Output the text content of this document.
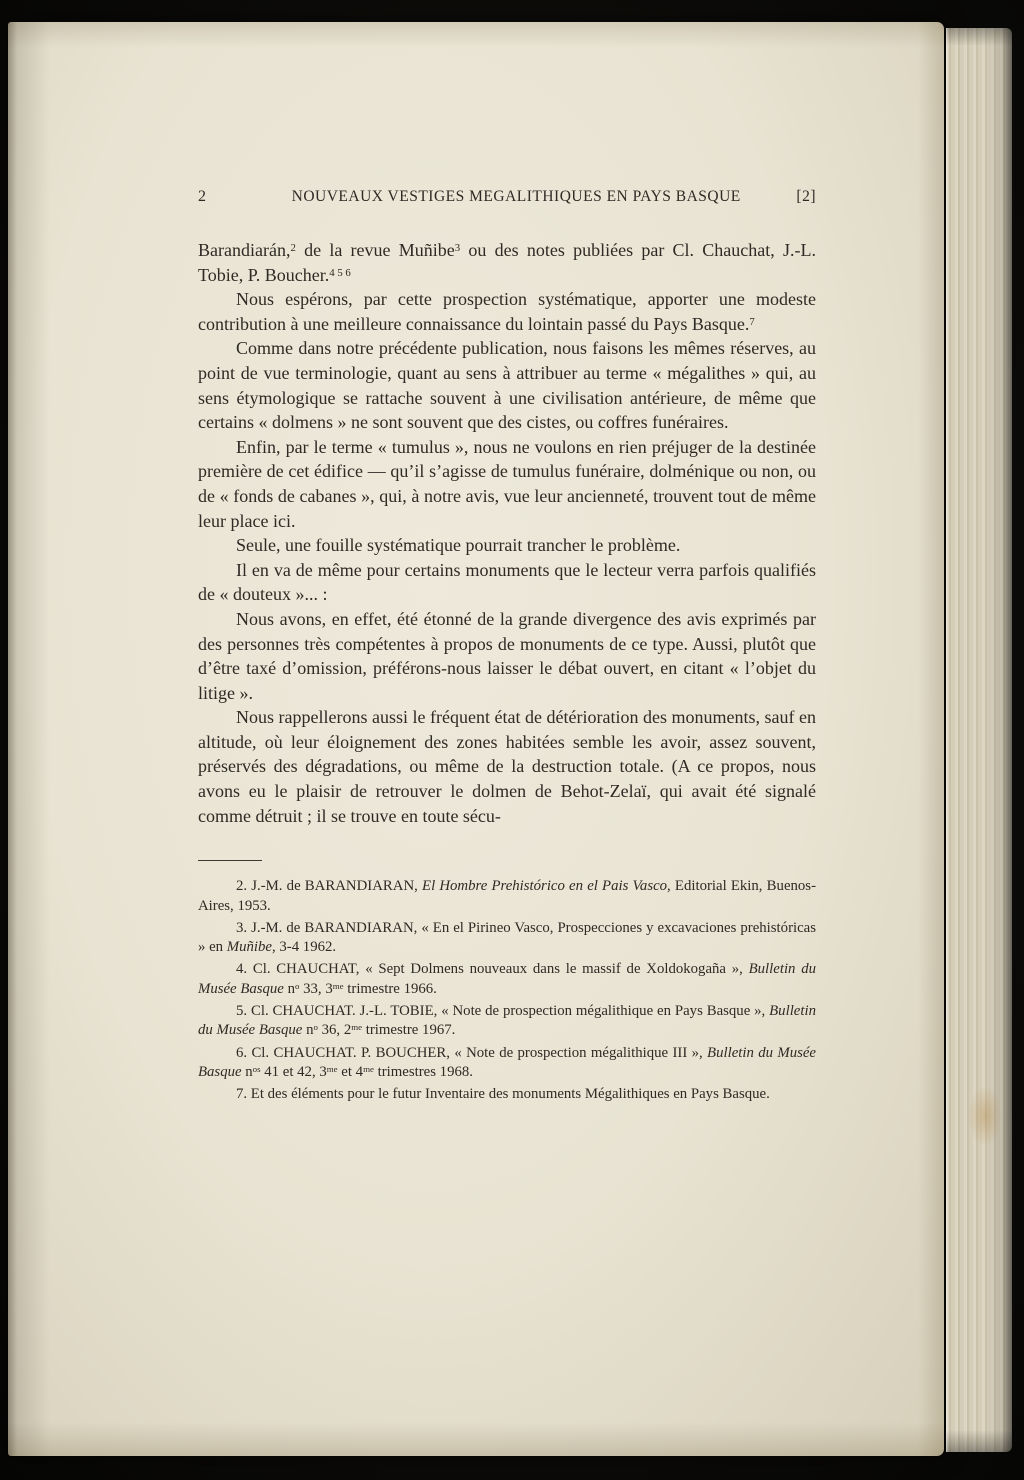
2	NOUVEAUX VESTIGES MEGALITHIQUES EN PAYS BASQUE	[2]

Barandiarán,$^2$ de la revue Muñibe$^3$ ou des notes publiées par Cl. Chauchat, J.-L. Tobie, P. Boucher.$^{4 5 6}$

Nous espérons, par cette prospection systématique, apporter une modeste contribution à une meilleure connaissance du lointain passé du Pays Basque.$^7$

Comme dans notre précédente publication, nous faisons les mêmes réserves, au point de vue terminologie, quant au sens à attribuer au terme « mégalithes » qui, au sens étymologique se rattache souvent à une civilisation antérieure, de même que certains « dolmens » ne sont souvent que des cistes, ou coffres funéraires.

Enfin, par le terme « tumulus », nous ne voulons en rien préjuger de la destinée première de cet édifice — qu’il s’agisse de tumulus funéraire, dolménique ou non, ou de « fonds de cabanes », qui, à notre avis, vue leur ancienneté, trouvent tout de même leur place ici.

Seule, une fouille systématique pourrait trancher le problème.

Il en va de même pour certains monuments que le lecteur verra parfois qualifiés de « douteux »... :

Nous avons, en effet, été étonné de la grande divergence des avis exprimés par des personnes très compétentes à propos de monuments de ce type. Aussi, plutôt que d’être taxé d’omission, préférons-nous laisser le débat ouvert, en citant « l’objet du litige ».

Nous rappellerons aussi le fréquent état de détérioration des monuments, sauf en altitude, où leur éloignement des zones habitées semble les avoir, assez souvent, préservés des dégradations, ou même de la destruction totale. (A ce propos, nous avons eu le plaisir de retrouver le dolmen de Behot-Zelaï, qui avait été signalé comme détruit ; il se trouve en toute sécu-

2. J.-M. de BARANDIARAN, El Hombre Prehistórico en el Pais Vasco, Editorial Ekin, Buenos-Aires, 1953.

3. J.-M. de BARANDIARAN, « En el Pirineo Vasco, Prospecciones y excavaciones prehistóricas » en Muñibe, 3-4 1962.

4. Cl. CHAUCHAT, « Sept Dolmens nouveaux dans le massif de Xoldokogaña », Bulletin du Musée Basque $n^o$ 33, $3^{me}$ trimestre 1966.

5. Cl. CHAUCHAT. J.-L. TOBIE, « Note de prospection mégalithique en Pays Basque », Bulletin du Musée Basque $n^o$ 36, $2^{me}$ trimestre 1967.

6. Cl. CHAUCHAT. P. BOUCHER, « Note de prospection mégalithique III », Bulletin du Musée Basque $n^{os}$ 41 et 42, $3^{me}$ et $4^{me}$ trimestres 1968.

7. Et des éléments pour le futur Inventaire des monuments Mégalithiques en Pays Basque.
